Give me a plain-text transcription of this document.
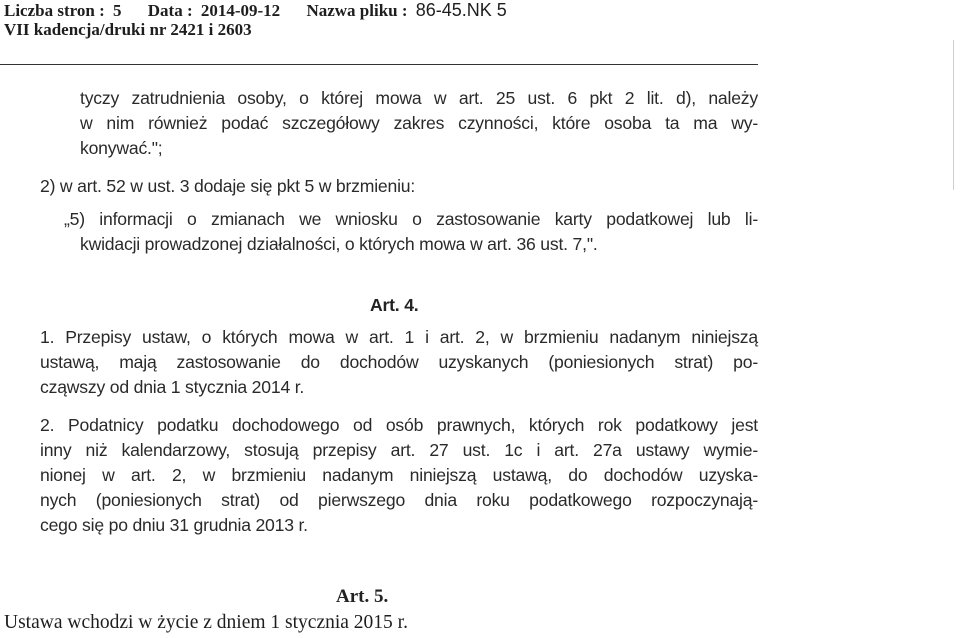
Liczba stron : 5 Data : 2014-09-12 Nazwa pliku : 86-45.NK 5
VII kadencja/druki nr 2421 i 2603
tyczy zatrudnienia osoby, o której mowa w art. 25 ust. 6 pkt 2 lit. d), należy
w nim również podać szczegółowy zakres czynności, które osoba ta ma wy-
konywać.";
2) w art. 52 w ust. 3 dodaje się pkt 5 w brzmieniu:
„5) informacji o zmianach we wniosku o zastosowanie karty podatkowej lub li-
kwidacji prowadzonej działalności, o których mowa w art. 36 ust. 7,".
Art. 4.
1. Przepisy ustaw, o których mowa w art. 1 i art. 2, w brzmieniu nadanym niniejszą
ustawą, mają zastosowanie do dochodów uzyskanych (poniesionych strat) po-
cząwszy od dnia 1 stycznia 2014 r.
2. Podatnicy podatku dochodowego od osób prawnych, których rok podatkowy jest
inny niż kalendarzowy, stosują przepisy art. 27 ust. 1c i art. 27a ustawy wymie-
nionej w art. 2, w brzmieniu nadanym niniejszą ustawą, do dochodów uzyska-
nych (poniesionych strat) od pierwszego dnia roku podatkowego rozpoczynają-
cego się po dniu 31 grudnia 2013 r.
Art. 5.
Ustawa wchodzi w życie z dniem 1 stycznia 2015 r.
